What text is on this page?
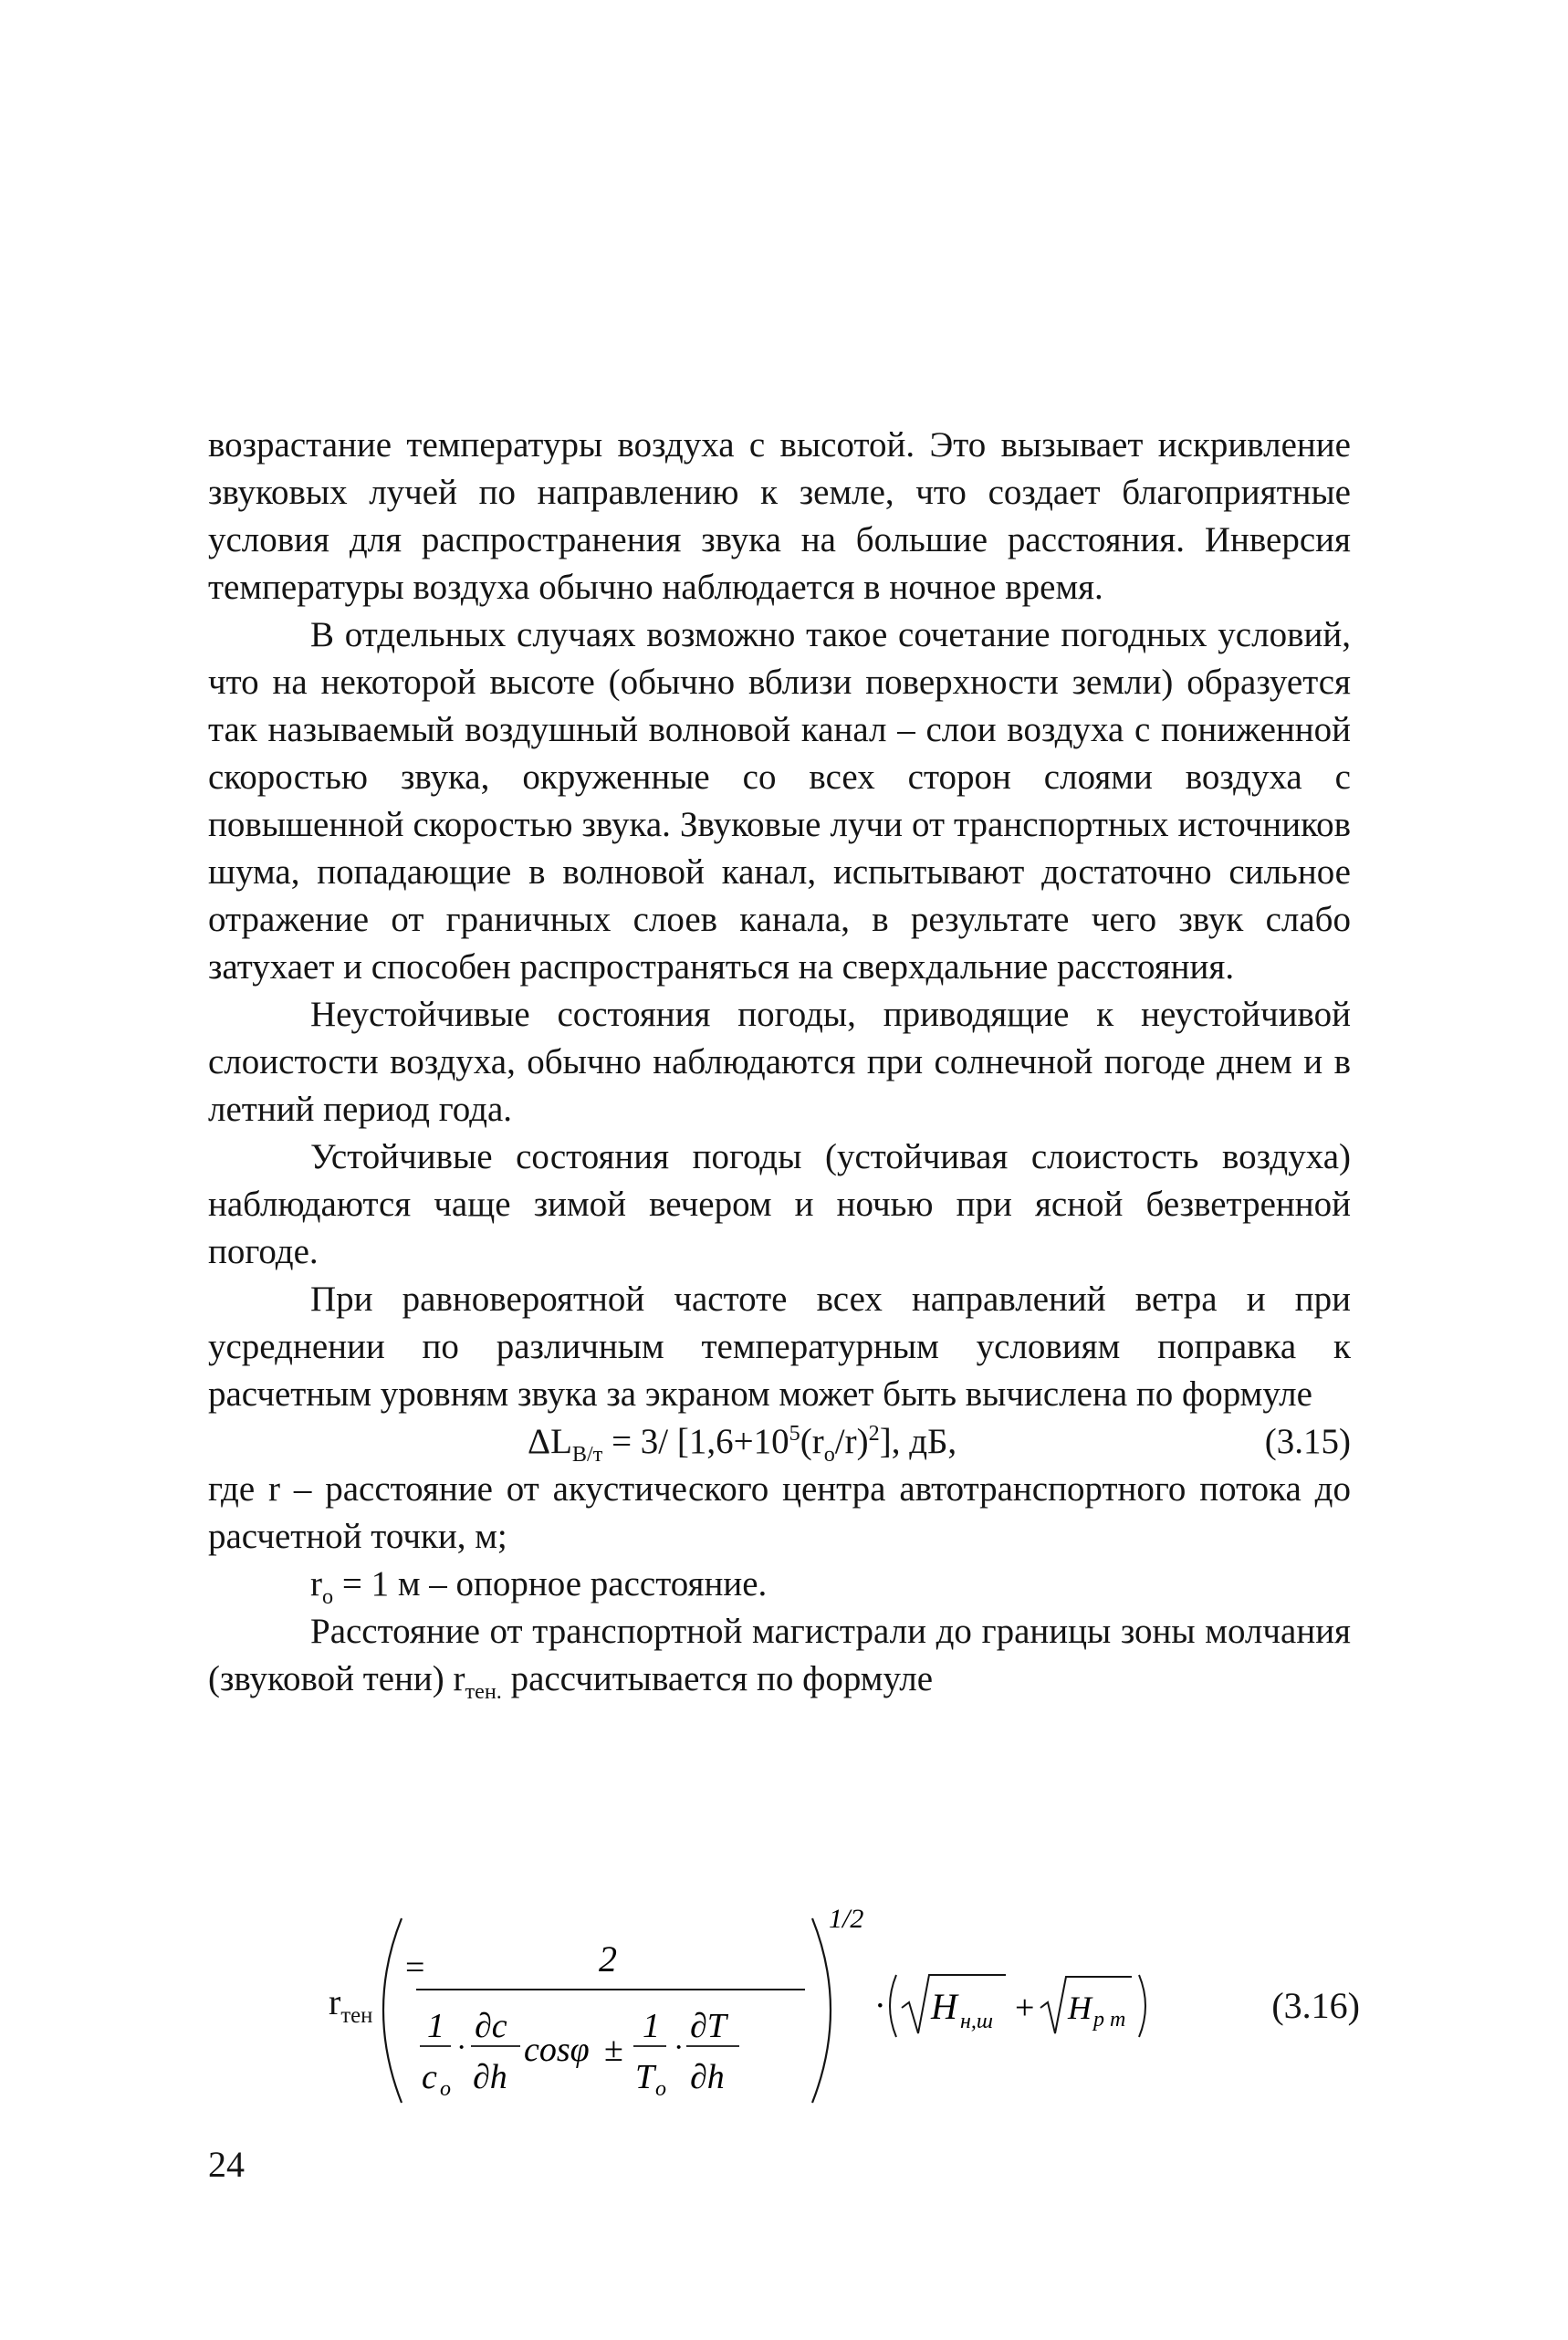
возрастание температуры воздуха с высотой. Это вызывает искривление звуковых лучей по направлению к земле, что создает благоприятные условия для распространения звука на большие расстояния. Инверсия температуры воздуха обычно наблюдается в ночное время.

В отдельных случаях возможно такое сочетание погодных условий, что на некоторой высоте (обычно вблизи поверхности земли) образуется так называемый воздушный волновой канал – слои воздуха с пониженной скоростью звука, окруженные со всех сторон слоями воздуха с повышенной скоростью звука. Звуковые лучи от транспортных источников шума, попадающие в волновой канал, испытывают достаточно сильное отражение от граничных слоев канала, в результате чего звук слабо затухает и способен распространяться на сверхдальние расстояния.

Неустойчивые состояния погоды, приводящие к неустойчивой слоистости воздуха, обычно наблюдаются при солнечной погоде днем и в летний период года.

Устойчивые состояния погоды (устойчивая слоистость воздуха) наблюдаются чаще зимой вечером и ночью при ясной безветренной погоде.

При равновероятной частоте всех направлений ветра и при усреднении по различным температурным условиям поправка к расчетным уровням звука за экраном может быть вычислена по формуле

$\Delta L_{В/т} = 3/$ $[1,6+10^5(r_о/r)^2]$, дБ,	(3.15)

где r – расстояние от акустического центра автотранспортного потока до расчетной точки, м;

$r_о = 1$ м – опорное расстояние.

Расстояние от транспортной магистрали до границы зоны молчания (звуковой тени) $r_{тен.}$ рассчитывается по формуле

$r_{тен}$
=	2
1
c o
·
∂c
∂h
cosφ ±
1
T o
·
∂T
∂h
1/2
· H н,ш + H р т	(3.16)
24
